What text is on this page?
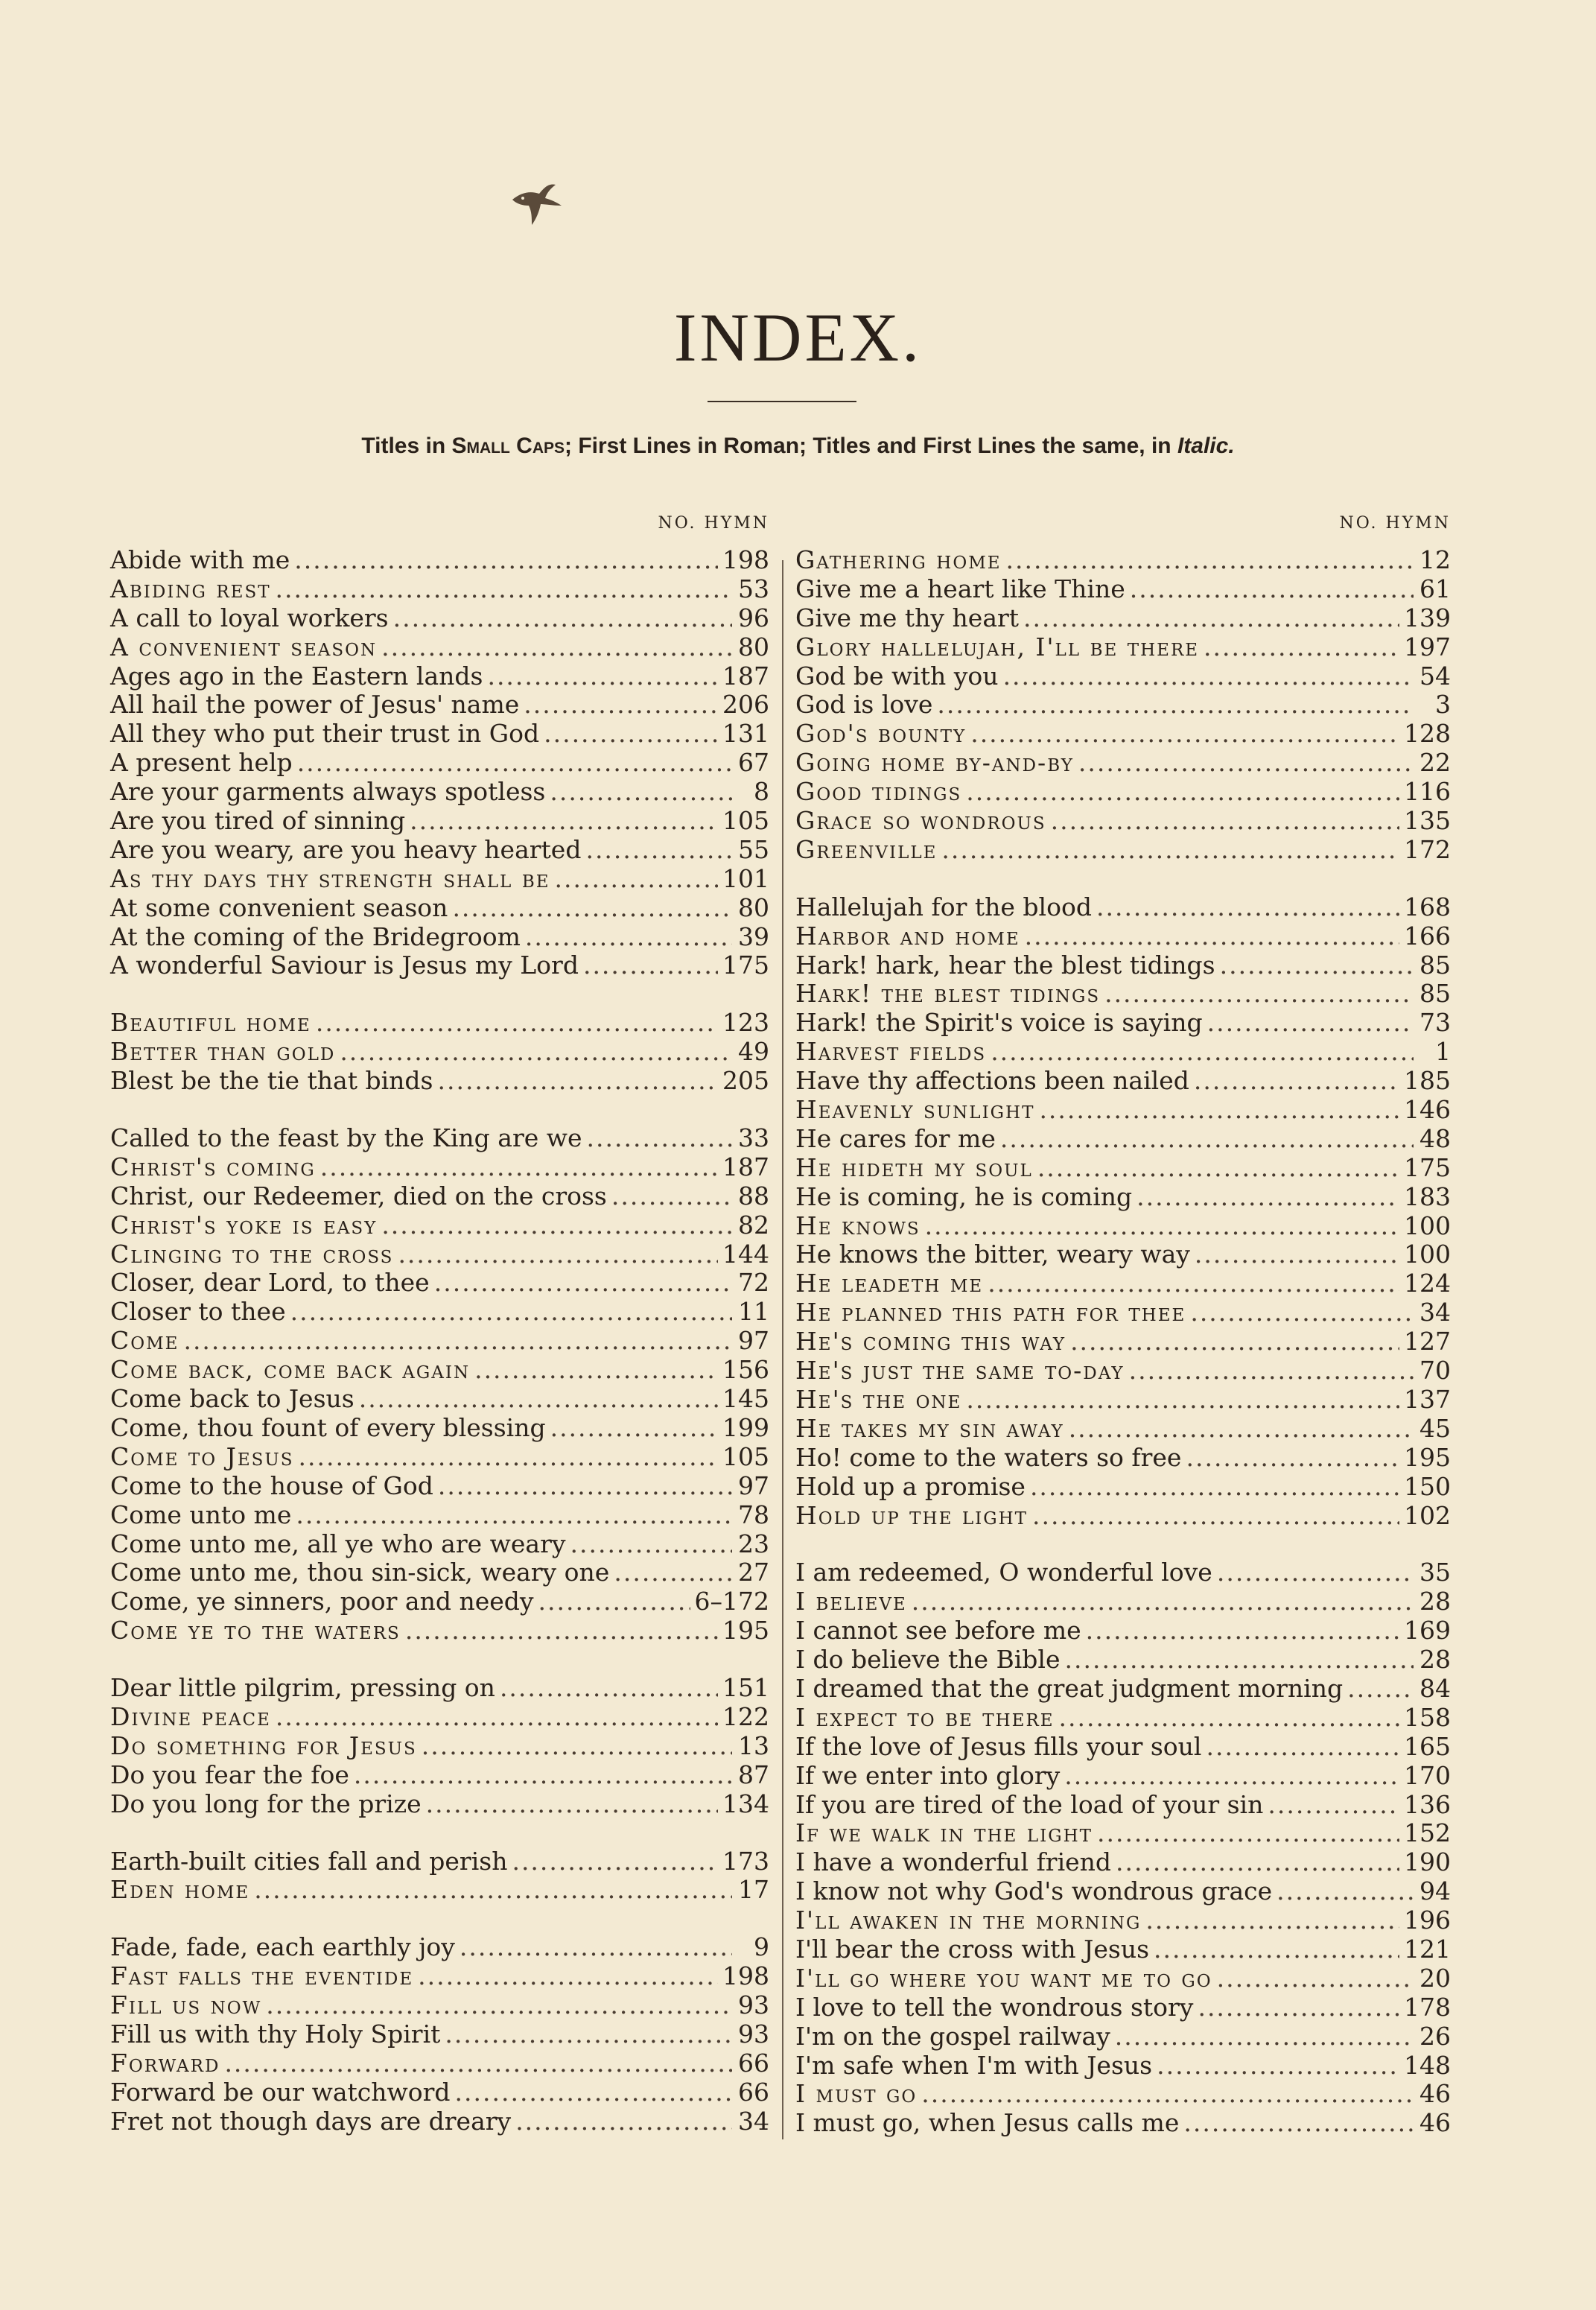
INDEX.
Titles in Small Caps; First Lines in Roman; Titles and First Lines the same, in Italic.
NO. HYMN
Abide with me .....	198
Abiding rest .....	53
A call to loyal workers .....	96
A convenient season .....	80
Ages ago in the Eastern lands .....	187
All hail the power of Jesus' name .....	206
All they who put their trust in God .....	131
A present help .....	67
Are your garments always spotless .....	8
Are you tired of sinning .....	105
Are you weary, are you heavy hearted .....	55
As thy days thy strength shall be .....	101
At some convenient season .....	80
At the coming of the Bridegroom .....	39
A wonderful Saviour is Jesus my Lord .....	175
Beautiful home .....	123
Better than gold .....	49
Blest be the tie that binds .....	205
Called to the feast by the King are we .....	33
Christ's coming .....	187
Christ, our Redeemer, died on the cross .....	88
Christ's yoke is easy .....	82
Clinging to the cross .....	144
Closer, dear Lord, to thee .....	72
Closer to thee .....	11
Come .....	97
Come back, come back again .....	156
Come back to Jesus .....	145
Come, thou fount of every blessing .....	199
Come to Jesus .....	105
Come to the house of God .....	97
Come unto me .....	78
Come unto me, all ye who are weary .....	23
Come unto me, thou sin-sick, weary one .....	27
Come, ye sinners, poor and needy .....	6–172
Come ye to the waters .....	195
Dear little pilgrim, pressing on .....	151
Divine peace .....	122
Do something for Jesus .....	13
Do you fear the foe .....	87
Do you long for the prize .....	134
Earth-built cities fall and perish .....	173
Eden home .....	17
Fade, fade, each earthly joy .....	9
Fast falls the eventide .....	198
Fill us now .....	93
Fill us with thy Holy Spirit .....	93
Forward .....	66
Forward be our watchword .....	66
Fret not though days are dreary .....	34
NO. HYMN
Gathering home .....	12
Give me a heart like Thine .....	61
Give me thy heart .....	139
Glory hallelujah, I'll be there .....	197
God be with you .....	54
God is love .....	3
God's bounty .....	128
Going home by-and-by .....	22
Good tidings .....	116
Grace so wondrous .....	135
Greenville .....	172
Hallelujah for the blood .....	168
Harbor and home .....	166
Hark! hark, hear the blest tidings .....	85
Hark! the blest tidings .....	85
Hark! the Spirit's voice is saying .....	73
Harvest fields .....	1
Have thy affections been nailed .....	185
Heavenly sunlight .....	146
He cares for me .....	48
He hideth my soul .....	175
He is coming, he is coming .....	183
He knows .....	100
He knows the bitter, weary way .....	100
He leadeth me .....	124
He planned this path for thee .....	34
He's coming this way .....	127
He's just the same to-day .....	70
He's the one .....	137
He takes my sin away .....	45
Ho! come to the waters so free .....	195
Hold up a promise .....	150
Hold up the light .....	102
I am redeemed, O wonderful love .....	35
I believe .....	28
I cannot see before me .....	169
I do believe the Bible .....	28
I dreamed that the great judgment morning .....	84
I expect to be there .....	158
If the love of Jesus fills your soul .....	165
If we enter into glory .....	170
If you are tired of the load of your sin .....	136
If we walk in the light .....	152
I have a wonderful friend .....	190
I know not why God's wondrous grace .....	94
I'll awaken in the morning .....	196
I'll bear the cross with Jesus .....	121
I'll go where you want me to go .....	20
I love to tell the wondrous story .....	178
I'm on the gospel railway .....	26
I'm safe when I'm with Jesus .....	148
I must go .....	46
I must go, when Jesus calls me .....	46
